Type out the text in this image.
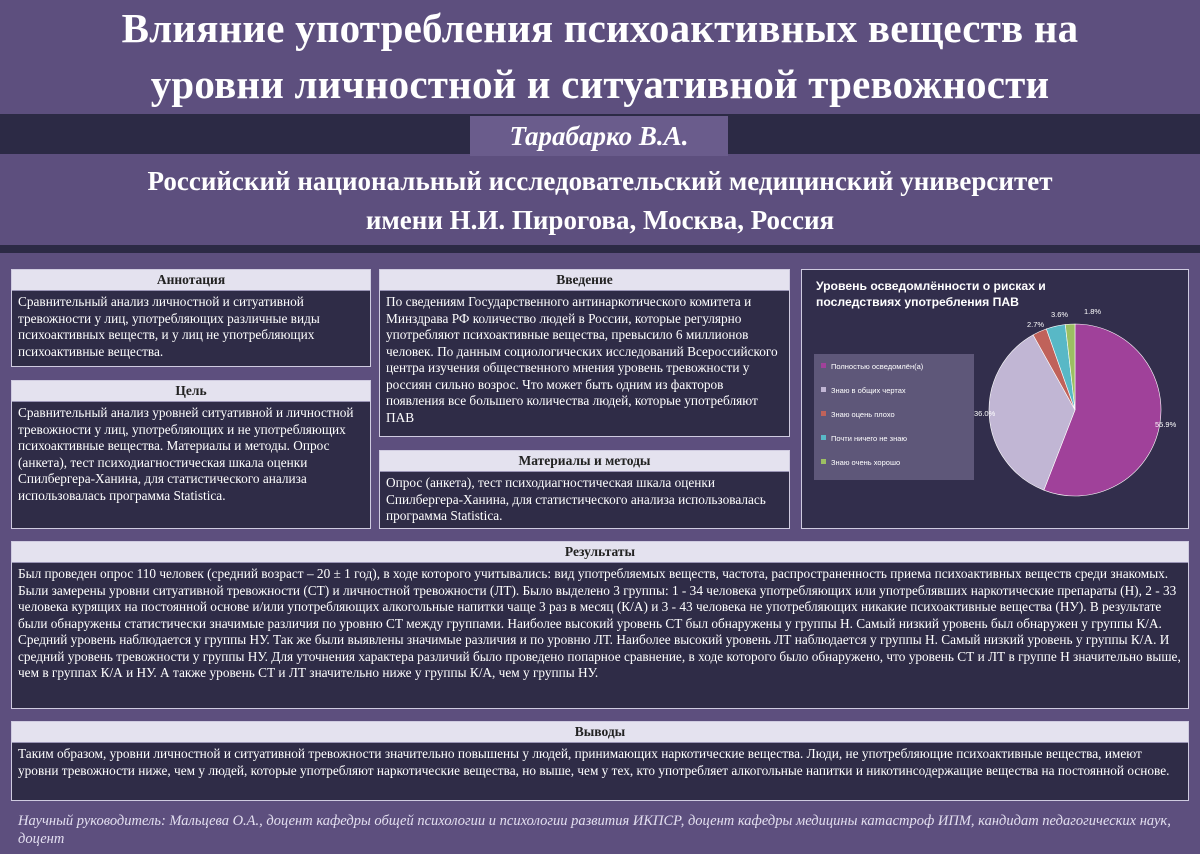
Влияние употребления психоактивных веществ на
уровни личностной и ситуативной тревожности
Тарабарко В.А.
Российский национальный исследовательский медицинский университет
имени Н.И. Пирогова, Москва, Россия
Аннотация
Сравнительный анализ личностной и ситуативной тревожности у лиц, употребляющих различные виды психоактивных веществ, и у лиц не употребляющих психоактивные вещества.
Цель
Сравнительный анализ уровней ситуативной и личностной тревожности у лиц, употребляющих и не употребляющих психоактивные вещества. Материалы и методы. Опрос (анкета), тест психодиагностическая шкала оценки Спилбергера-Ханина, для статистического анализа использовалась программа Statistica.
Введение
По сведениям Государственного антинаркотического комитета и Минздрава РФ количество людей в России, которые регулярно употребляют психоактивные вещества, превысило 6 миллионов человек. По данным социологических исследований Всероссийского центра изучения общественного мнения уровень тревожности у россиян сильно возрос. Что может быть одним из факторов появления все большего количества людей, которые употребляют ПАВ
Материалы и методы
Опрос (анкета), тест психодиагностическая шкала оценки Спилбергера-Ханина, для статистического анализа использовалась программа Statistica.
Уровень осведомлённости о рисках и последствиях употребления ПАВ
Полностью осведомлён(а)
Знаю в общих чертах
Знаю оцень плохо
Почти ничего не знаю
Знаю очень хорошо
55.9%
36.0%
2.7%
3.6% 1.8%
Результаты
Был проведен опрос 110 человек (средний возраст – 20 ± 1 год), в ходе которого учитывались: вид употребляемых веществ, частота, распространенность приема психоактивных веществ среди знакомых. Были замерены уровни ситуативной тревожности (СТ) и личностной тревожности (ЛТ). Было выделено 3 группы: 1 - 34 человека употребляющих или употреблявших наркотические препараты (Н), 2 - 33 человека курящих на постоянной основе и/или употребляющих алкогольные напитки чаще 3 раз в месяц (К/А) и 3 - 43 человека не употребляющих никакие психоактивные вещества (НУ). В результате были обнаружены статистически значимые различия по уровню СТ между группами. Наиболее высокий уровень СТ был обнаружены у группы Н. Самый низкий уровень был обнаружен у группы К/А. Средний уровень наблюдается у группы НУ. Так же были выявлены значимые различия и по уровню ЛТ. Наиболее высокий уровень ЛТ наблюдается у группы Н. Самый низкий уровень у группы К/А. И средний уровень тревожности у группы НУ. Для уточнения характера различий было проведено попарное сравнение, в ходе которого было обнаружено, что уровень СТ и ЛТ в группе Н значительно выше, чем в группах К/А и НУ. А также уровень СТ и ЛТ значительно ниже у группы К/А, чем у группы НУ.
Выводы
Таким образом, уровни личностной и ситуативной тревожности значительно повышены у людей, принимающих наркотические вещества. Люди, не употребляющие психоактивные вещества, имеют уровни тревожности ниже, чем у людей, которые употребляют наркотические вещества, но выше, чем у тех, кто употребляет алкогольные напитки и никотинсодержащие вещества на постоянной основе.
Научный руководитель: Мальцева О.А., доцент кафедры общей психологии и психологии развития ИКПСР, доцент кафедры медицины катастроф ИПМ, кандидат педагогических наук, доцент
